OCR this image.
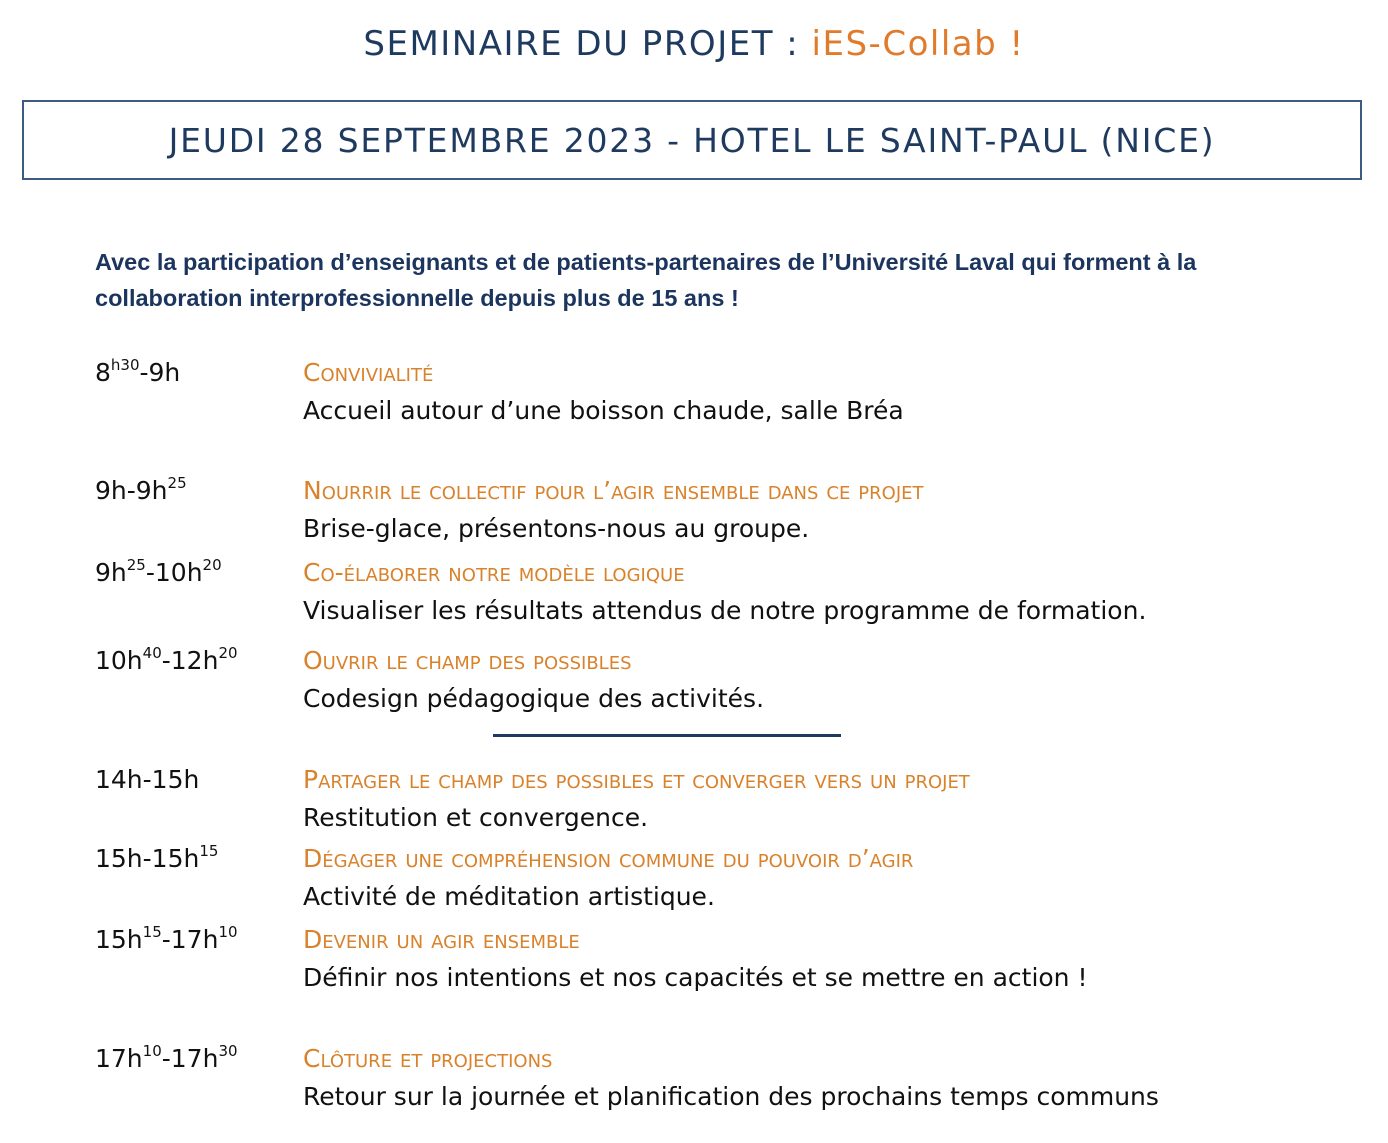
SEMINAIRE DU PROJET : iES-Collab !
JEUDI 28 SEPTEMBRE 2023 - HOTEL LE SAINT-PAUL (NICE)
Avec la participation d’enseignants et de patients-partenaires de l’Université Laval qui forment à la collaboration interprofessionnelle depuis plus de 15 ans !
$8^{h30}-9h$	Convivialité
Accueil autour d’une boisson chaude, salle Bréa
$9h-9h^{25}$	Nourrir le collectif pour l’agir ensemble dans ce projet
Brise-glace, présentons-nous au groupe.
$9h^{25}-10h^{20}$	Co-élaborer notre modèle logique
Visualiser les résultats attendus de notre programme de formation.
$10h^{40}-12h^{20}$	Ouvrir le champ des possibles
Codesign pédagogique des activités.
14h-15h	Partager le champ des possibles et converger vers un projet
Restitution et convergence.
$15h-15h^{15}$	Dégager une compréhension commune du pouvoir d’agir
Activité de méditation artistique.
$15h^{15}-17h^{10}$	Devenir un agir ensemble
Définir nos intentions et nos capacités et se mettre en action !
$17h^{10}-17h^{30}$	Clôture et projections
Retour sur la journée et planification des prochains temps communs
